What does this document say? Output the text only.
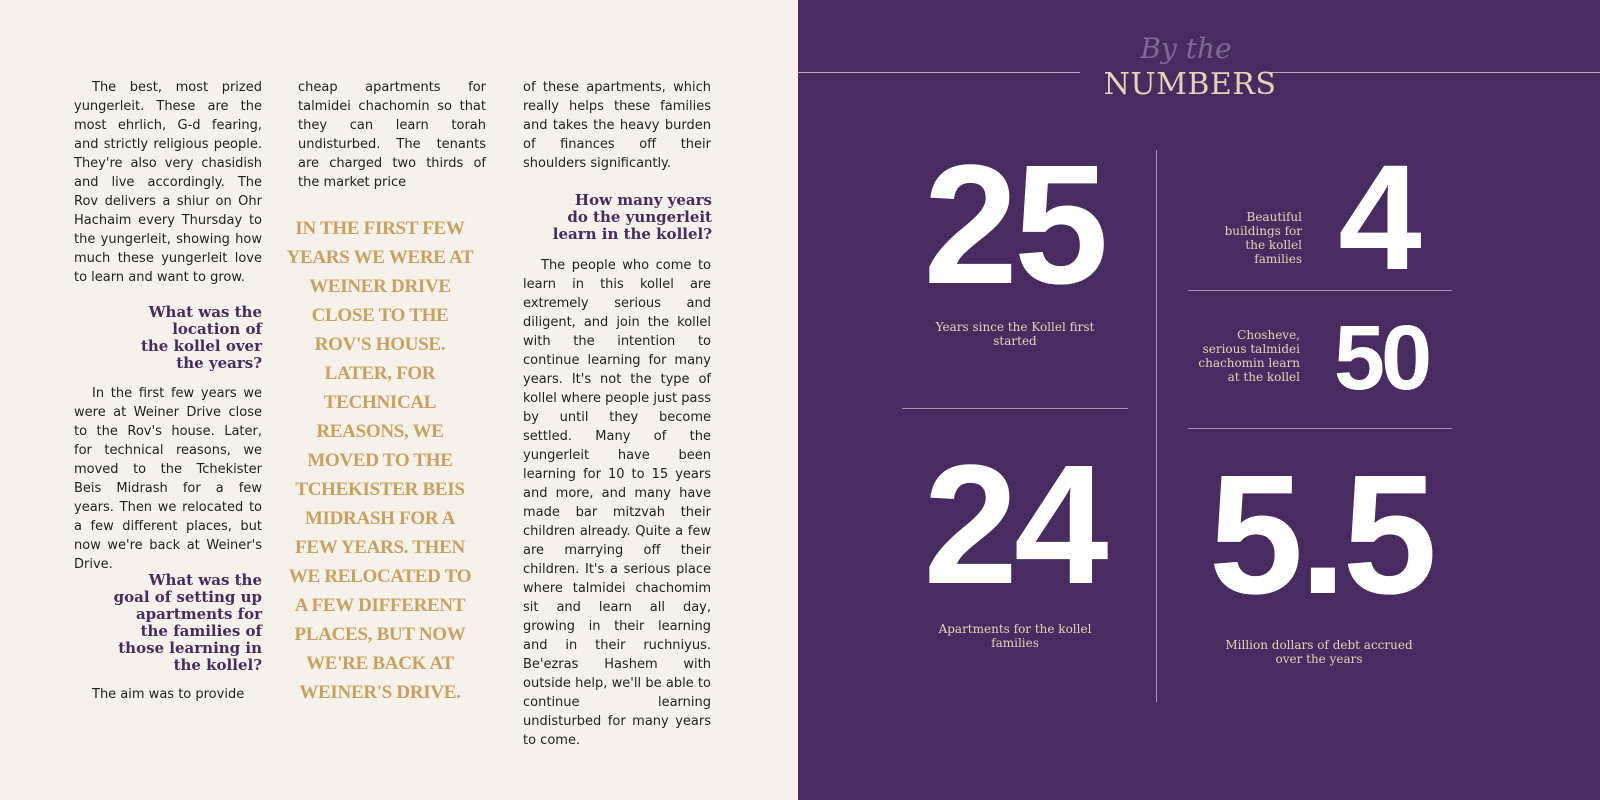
The best, most prized yungerleit. These are the most ehrlich, G-d fearing, and strictly religious people. They're also very chasidish and live accordingly. The Rov delivers a shiur on Ohr Hachaim every Thursday to the yungerleit, showing how much these yungerleit love to learn and want to grow.

What was the location of the kollel over the years?

In the first few years we were at Weiner Drive close to the Rov's house. Later, for technical reasons, we moved to the Tchekister Beis Midrash for a few years. Then we relocated to a few different places, but now we're back at Weiner's Drive.

What was the goal of setting up apartments for the families of those learning in the kollel?

The aim was to provide

cheap apartments for talmidei chachomin so that they can learn torah undisturbed. The tenants are charged two thirds of the market price

IN THE FIRST FEW YEARS WE WERE AT WEINER DRIVE CLOSE TO THE ROV'S HOUSE. LATER, FOR TECHNICAL REASONS, WE MOVED TO THE TCHEKISTER BEIS MIDRASH FOR A FEW YEARS. THEN WE RELOCATED TO A FEW DIFFERENT PLACES, BUT NOW WE'RE BACK AT WEINER'S DRIVE.

of these apartments, which really helps these families and takes the heavy burden of finances off their shoulders significantly.

How many years do the yungerleit learn in the kollel?

The people who come to learn in this kollel are extremely serious and diligent, and join the kollel with the intention to continue learning for many years. It's not the type of kollel where people just pass by until they become settled. Many of the yungerleit have been learning for 10 to 15 years and more, and many have made bar mitzvah their children already. Quite a few are marrying off their children. It's a serious place where talmidei chachomim sit and learn all day, growing in their learning and in their ruchniyus. Be'ezras Hashem with outside help, we'll be able to continue learning undisturbed for many years to come.

By the
NUMBERS
25
Years since the Kollel first started
Beautiful buildings for the kollel families 4
Chosheve, serious talmidei chachomin learn at the kollel 50
24
Apartments for the kollel families
5.5
Million dollars of debt accrued over the years
